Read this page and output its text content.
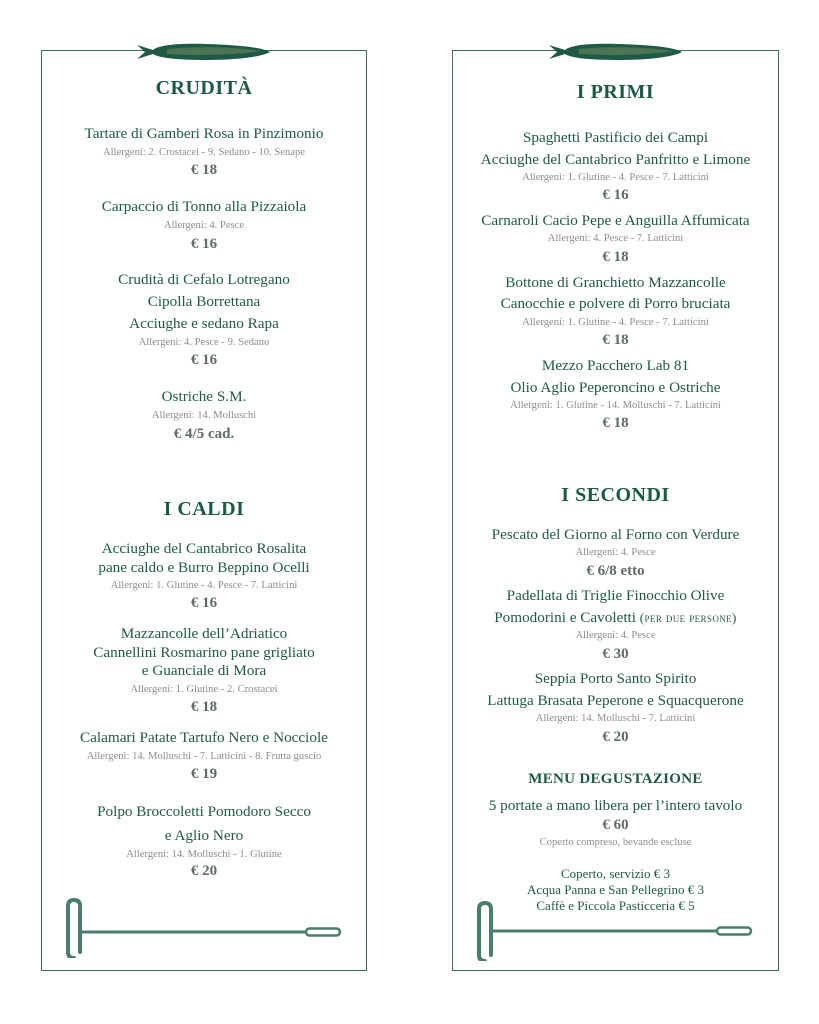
CRUDITÀ
Tartare di Gamberi Rosa in Pinzimonio
Allergeni: 2. Crostacei - 9. Sedano - 10. Senape
€ 18
Carpaccio di Tonno alla Pizzaiola
Allergeni: 4. Pesce
€ 16
Crudità di Cefalo Lotregano
Cipolla Borrettana
Acciughe e sedano Rapa
Allergeni: 4. Pesce - 9. Sedano
€ 16
Ostriche S.M.
Allergeni: 14. Molluschi
€ 4/5 cad.
I CALDI
Acciughe del Cantabrico Rosalita
pane caldo e Burro Beppino Ocelli
Allergeni: 1. Glutine - 4. Pesce - 7. Latticini
€ 16
Mazzancolle dell’Adriatico
Cannellini Rosmarino pane grigliato
e Guanciale di Mora
Allergeni: 1. Glutine - 2. Crostacei
€ 18
Calamari Patate Tartufo Nero e Nocciole
Allergeni: 14. Molluschi - 7. Latticini - 8. Frutta guscio
€ 19
Polpo Broccoletti Pomodoro Secco
e Aglio Nero
Allergeni: 14. Molluschi - 1. Glutine
€ 20
I PRIMI
Spaghetti Pastificio dei Campi
Acciughe del Cantabrico Panfritto e Limone
Allergeni: 1. Glutine - 4. Pesce - 7. Latticini
€ 16
Carnaroli Cacio Pepe e Anguilla Affumicata
Allergeni: 4. Pesce - 7. Latticini
€ 18
Bottone di Granchietto Mazzancolle
Canocchie e polvere di Porro bruciata
Allergeni: 1. Glutine - 4. Pesce - 7. Latticini
€ 18
Mezzo Pacchero Lab 81
Olio Aglio Peperoncino e Ostriche
Allergeni: 1. Glutine - 14. Molluschi - 7. Latticini
€ 18
I SECONDI
Pescato del Giorno al Forno con Verdure
Allergeni: 4. Pesce
€ 6/8 etto
Padellata di Triglie Finocchio Olive
Pomodorini e Cavoletti (per due persone)
Allergeni: 4. Pesce
€ 30
Seppia Porto Santo Spirito
Lattuga Brasata Peperone e Squacquerone
Allergeni: 14. Molluschi - 7. Latticini
€ 20
MENU DEGUSTAZIONE
5 portate a mano libera per l’intero tavolo
€ 60
Coperto compreso, bevande escluse
Coperto, servizio € 3
Acqua Panna e San Pellegrino € 3
Caffè e Piccola Pasticceria € 5
